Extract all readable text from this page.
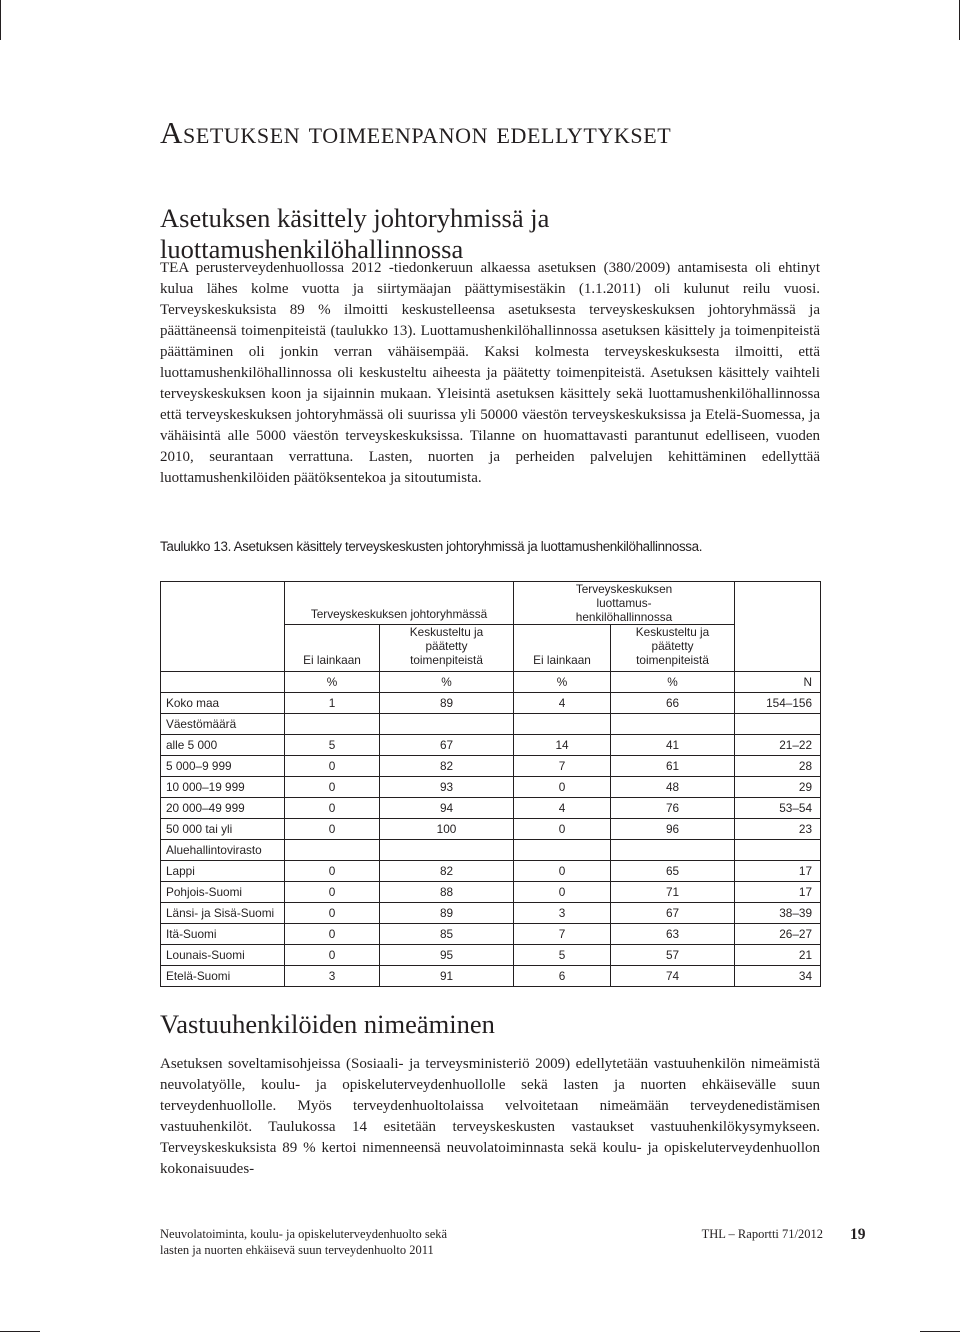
Asetuksen toimeenpanon edellytykset
Asetuksen käsittely johtoryhmissä ja
luottamushenkilöhallinnossa

TEA perusterveydenhuollossa 2012 -tiedonkeruun alkaessa asetuksen (380/2009) antamisesta oli ehtinyt kulua lähes kolme vuotta ja siirtymäajan päättymisestäkin (1.1.2011) oli kulunut reilu vuosi. Terveyskeskuksista 89 % ilmoitti keskustelleensa asetuksesta terveyskeskuksen johtoryhmässä ja päättäneensä toimenpiteistä (taulukko 13). Luottamushenkilöhallinnossa asetuksen käsittely ja toimenpiteistä päättäminen oli jonkin verran vähäisempää. Kaksi kolmesta terveyskeskuksesta ilmoitti, että luottamushenkilöhallinnossa oli keskusteltu aiheesta ja päätetty toimenpiteistä. Asetuksen käsittely vaihteli terveyskeskuksen koon ja sijainnin mukaan. Yleisintä asetuksen käsittely sekä luottamushenkilöhallinnossa että terveyskeskuksen johtoryhmässä oli suurissa yli 50000 väestön terveyskeskuksissa ja Etelä-Suomessa, ja vähäisintä alle 5000 väestön terveyskeskuksissa. Tilanne on huomattavasti parantunut edelliseen, vuoden 2010, seurantaan verrattuna. Lasten, nuorten ja perheiden palvelujen kehittäminen edellyttää luottamushenkilöiden päätöksentekoa ja sitoutumista.

Taulukko 13. Asetuksen käsittely terveyskeskusten johtoryhmissä ja luottamushenkilöhallinnossa.

	Terveyskeskuksen johtoryhmässä		Terveyskeskuksen luottamus-henkilöhallinnossa		
	Ei lainkaan	Keskusteltu ja päätetty toimenpiteistä	Ei lainkaan	Keskusteltu ja päätetty toimenpiteistä	
	%	%	%	%	N
Koko maa	1	89	4	66	154–156
Väestömäärä					
alle 5 000	5	67	14	41	21–22
5 000–9 999	0	82	7	61	28
10 000–19 999	0	93	0	48	29
20 000–49 999	0	94	4	76	53–54
50 000 tai yli	0	100	0	96	23
Aluehallintovirasto					
Lappi	0	82	0	65	17
Pohjois-Suomi	0	88	0	71	17
Länsi- ja Sisä-Suomi	0	89	3	67	38–39
Itä-Suomi	0	85	7	63	26–27
Lounais-Suomi	0	95	5	57	21
Etelä-Suomi	3	91	6	74	34
Vastuuhenkilöiden nimeäminen

Asetuksen soveltamisohjeissa (Sosiaali- ja terveysministeriö 2009) edellytetään vastuuhenkilön nimeämistä neuvolatyölle, koulu- ja opiskeluterveydenhuollolle sekä lasten ja nuorten ehkäisevälle suun terveydenhuollolle. Myös terveydenhuoltolaissa velvoitetaan nimeämään terveydenedistämisen vastuuhenkilöt. Taulukossa 14 esitetään terveyskeskusten vastaukset vastuuhenkilökysymykseen. Terveyskeskuksista 89 % kertoi nimenneensä neuvolatoiminnasta sekä koulu- ja opiskeluterveydenhuollon kokonaisuudes-

Neuvolatoiminta, koulu- ja opiskeluterveydenhuolto sekä
lasten ja nuorten ehkäisevä suun terveydenhuolto 2011
THL – Raportti 71/2012 19
